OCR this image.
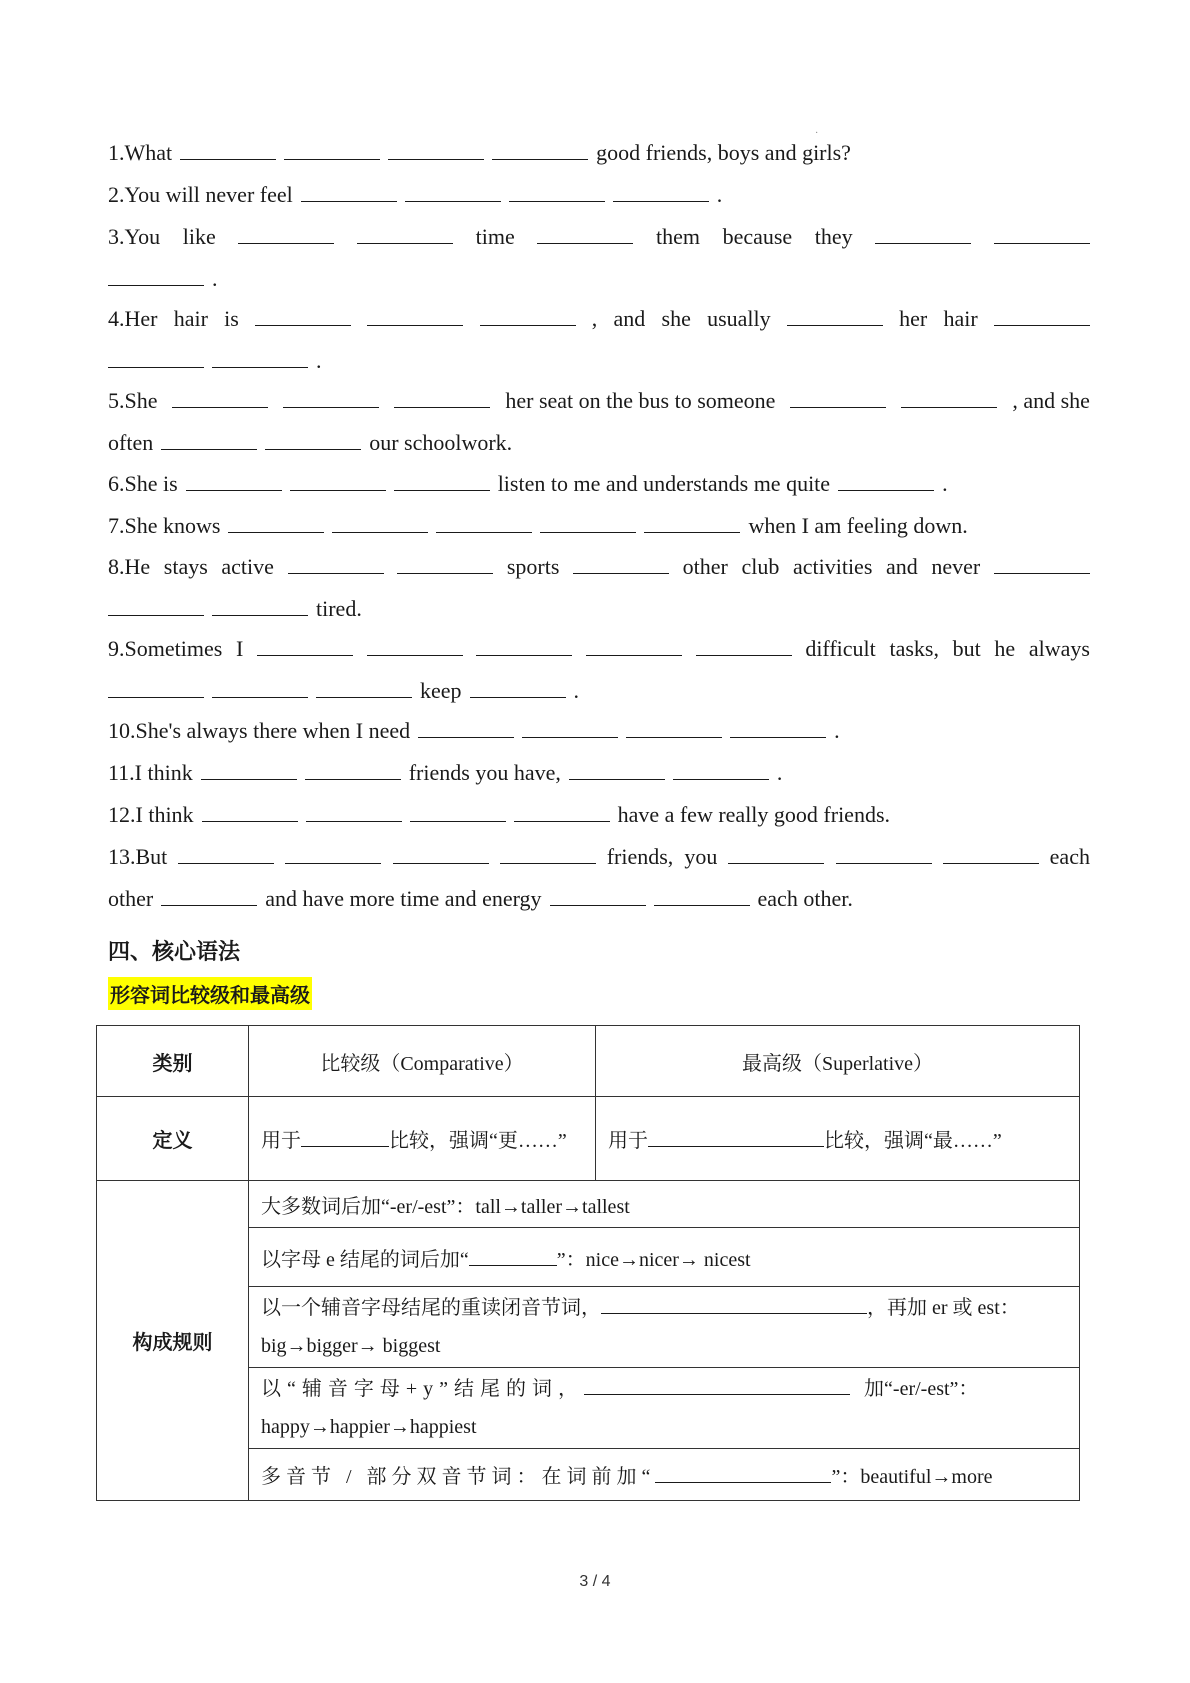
·
1.What	good friends, boys and girls?
2.You will never feel	.
3.You like	time	them because they
.
4.Her hair is	, and she usually	her hair
.
5.She	her seat on the bus to someone	, and she
often	our schoolwork.
6.She is	listen to me and understands me quite	.
7.She knows	when I am feeling down.
8.He stays active	sports	other club activities and never
tired.
9.Sometimes I	difficult tasks, but he always
keep	.
10.She's always there when I need	.
11.I think	friends you have,	.
12.I think	have a few really good friends.
13.But	friends, you	each
other	and have more time and energy	each other.
四、核心语法
形容词比较级和最高级
类别	比较级（Comparative）	最高级（Superlative）
定义	用于 比较，强调“更……”	用于 比较，强调“最……”
构成规则	大多数词后加“-er/-est”：tall→taller→tallest	
	以字母 e 结尾的词后加“ ”：nice→nicer→ nicest	
	以一个辅音字母结尾的重读闭音节词， ，再加 er 或 est：
big→bigger→ biggest	
	以“辅音字母+y”结尾的词， 加“-er/-est”：
happy→happier→happiest	
	多音节 / 部分双音节词：在词前加“ ”：beautiful→more	
3 / 4
